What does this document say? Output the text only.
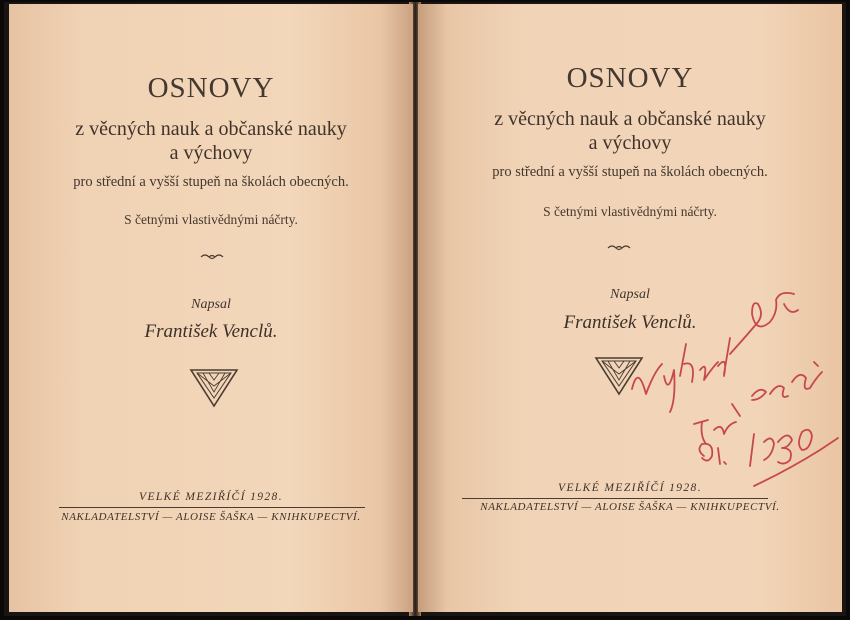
OSNOVY
z věcných nauk a občanské nauky
a výchovy
pro střední a vyšší stupeň na školách obecných.
S četnými vlastivědnými náčrty.
Napsal
František Venclů.
VELKÉ MEZIŘÍČÍ 1928.
NAKLADATELSTVÍ — ALOISE ŠAŠKA — KNIHKUPECTVÍ.
OSNOVY
z věcných nauk a občanské nauky
a výchovy
pro střední a vyšší stupeň na školách obecných.
S četnými vlastivědnými náčrty.
Napsal
František Venclů.
VELKÉ MEZIŘÍČÍ 1928.
NAKLADATELSTVÍ — ALOISE ŠAŠKA — KNIHKUPECTVÍ.
